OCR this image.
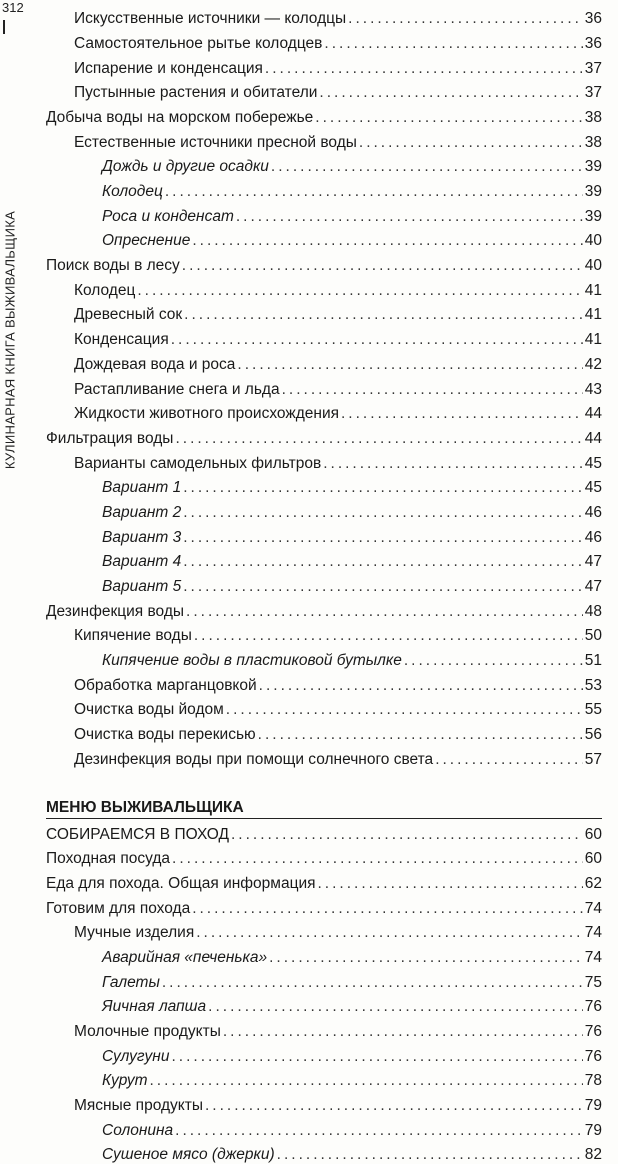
312
КУЛИНАРНАЯ КНИГА ВЫЖИВАЛЬЩИКА
Искусственные источники — колодцы .....	36
Самостоятельное рытье колодцев .....	36
Испарение и конденсация .....	37
Пустынные растения и обитатели .....	37
Добыча воды на морском побережье .....	38
Естественные источники пресной воды .....	38
Дождь и другие осадки .....	39
Колодец .....	39
Роса и конденсат .....	39
Опреснение .....	40
Поиск воды в лесу .....	40
Колодец .....	41
Древесный сок .....	41
Конденсация .....	41
Дождевая вода и роса .....	42
Растапливание снега и льда .....	43
Жидкости животного происхождения .....	44
Фильтрация воды .....	44
Варианты самодельных фильтров .....	45
Вариант 1 .....	45
Вариант 2 .....	46
Вариант 3 .....	46
Вариант 4 .....	47
Вариант 5 .....	47
Дезинфекция воды .....	48
Кипячение воды .....	50
Кипячение воды в пластиковой бутылке .....	51
Обработка марганцовкой .....	53
Очистка воды йодом .....	55
Очистка воды перекисью .....	56
Дезинфекция воды при помощи солнечного света .....	57
МЕНЮ ВЫЖИВАЛЬЩИКА
СОБИРАЕМСЯ В ПОХОД .....	60
Походная посуда .....	60
Еда для похода. Общая информация .....	62
Готовим для похода .....	74
Мучные изделия .....	74
Аварийная «печенька» .....	74
Галеты .....	75
Яичная лапша .....	76
Молочные продукты .....	76
Сулугуни .....	76
Курут .....	78
Мясные продукты .....	79
Солонина .....	79
Сушеное мясо (джерки) .....	82
